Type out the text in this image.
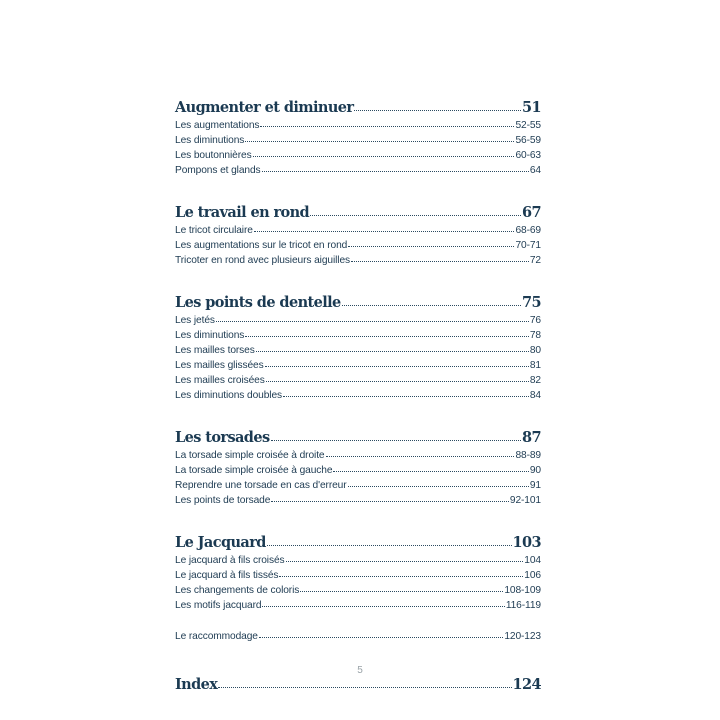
Augmenter et diminuer	51
Les augmentations	52-55
Les diminutions	56-59
Les boutonnières	60-63
Pompons et glands	64
Le travail en rond	67
Le tricot circulaire	68-69
Les augmentations sur le tricot en rond	70-71
Tricoter en rond avec plusieurs aiguilles	72
Les points de dentelle	75
Les jetés	76
Les diminutions	78
Les mailles torses	80
Les mailles glissées	81
Les mailles croisées	82
Les diminutions doubles	84
Les torsades	87
La torsade simple croisée à droite	88-89
La torsade simple croisée à gauche	90
Reprendre une torsade en cas d'erreur	91
Les points de torsade	92-101
Le Jacquard	103
Le jacquard à fils croisés	104
Le jacquard à fils tissés	106
Les changements de coloris	108-109
Les motifs jacquard	116-119
Le raccommodage	120-123
Index	124
5
